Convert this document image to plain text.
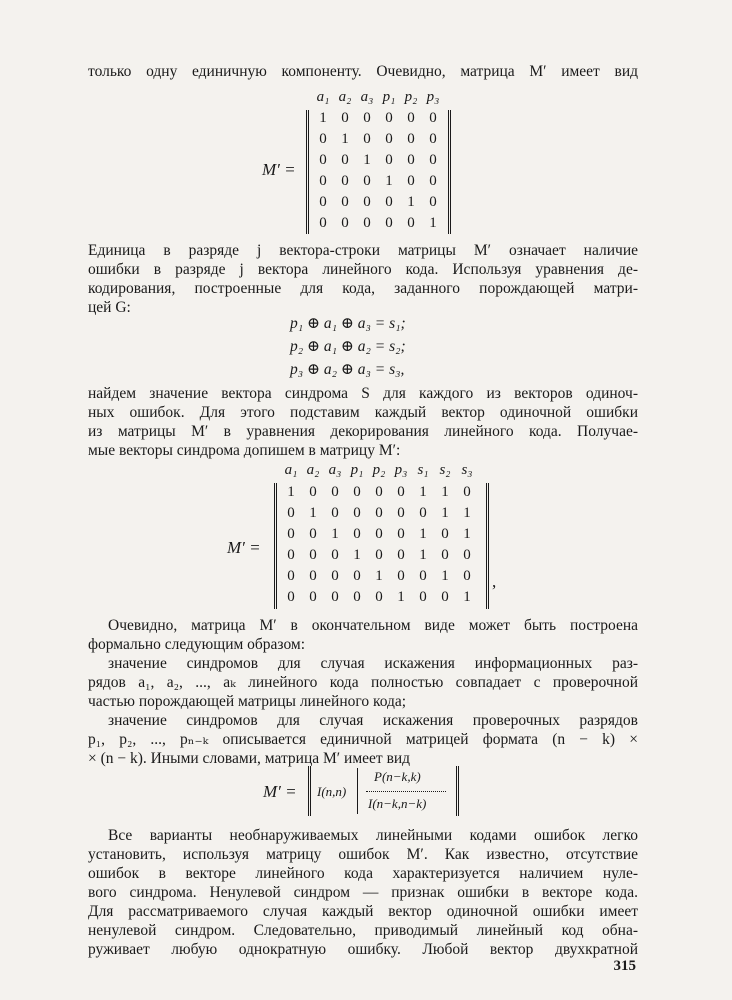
только одну единичную компоненту. Очевидно, матрица M′ имеет вид
M′ =
a₁ a₂ a₃ p₁ p₂ p₃
1 0 0 0 0 0
0 1 0 0 0 0
0 0 1 0 0 0
0 0 0 1 0 0
0 0 0 0 1 0
0 0 0 0 0 1
Единица в разряде j вектора-строки матрицы M′ означает наличие
ошибки в разряде j вектора линейного кода. Используя уравнения де-
кодирования, построенные для кода, заданного порождающей матри-
цей G:
p₁ ⊕ a₁ ⊕ a₃ = s₁;
p₂ ⊕ a₁ ⊕ a₂ = s₂;
p₃ ⊕ a₂ ⊕ a₃ = s₃,
найдем значение вектора синдрома S для каждого из векторов одиноч-
ных ошибок. Для этого подставим каждый вектор одиночной ошибки
из матрицы M′ в уравнения декорирования линейного кода. Получае-
мые векторы синдрома допишем в матрицу M′:
M′ =
a₁ a₂ a₃ p₁ p₂ p₃ s₁ s₂ s₃
,
1 0 0 0 0 0 1 1 0
0 1 0 0 0 0 0 1 1
0 0 1 0 0 0 1 0 1
0 0 0 1 0 0 1 0 0
0 0 0 0 1 0 0 1 0
0 0 0 0 0 1 0 0 1
Очевидно, матрица M′ в окончательном виде может быть построена
формально следующим образом:
значение синдромов для случая искажения информационных раз-
рядов a₁, a₂, ..., aₖ линейного кода полностью совпадает с проверочной
частью порождающей матрицы линейного кода;
значение синдромов для случая искажения проверочных разрядов
p₁, p₂, ..., pₙ₋ₖ описывается единичной матрицей формата (n − k) ×
× (n − k). Иными словами, матрица M′ имеет вид
M′ = I(n,n)
P(n−k,k)
I(n−k,n−k)
Все варианты необнаруживаемых линейными кодами ошибок легко
установить, используя матрицу ошибок M′. Как известно, отсутствие
ошибок в векторе линейного кода характеризуется наличием нуле-
вого синдрома. Ненулевой синдром — признак ошибки в векторе кода.
Для рассматриваемого случая каждый вектор одиночной ошибки имеет
ненулевой синдром. Следовательно, приводимый линейный код обна-
руживает любую однократную ошибку. Любой вектор двухкратной
315
